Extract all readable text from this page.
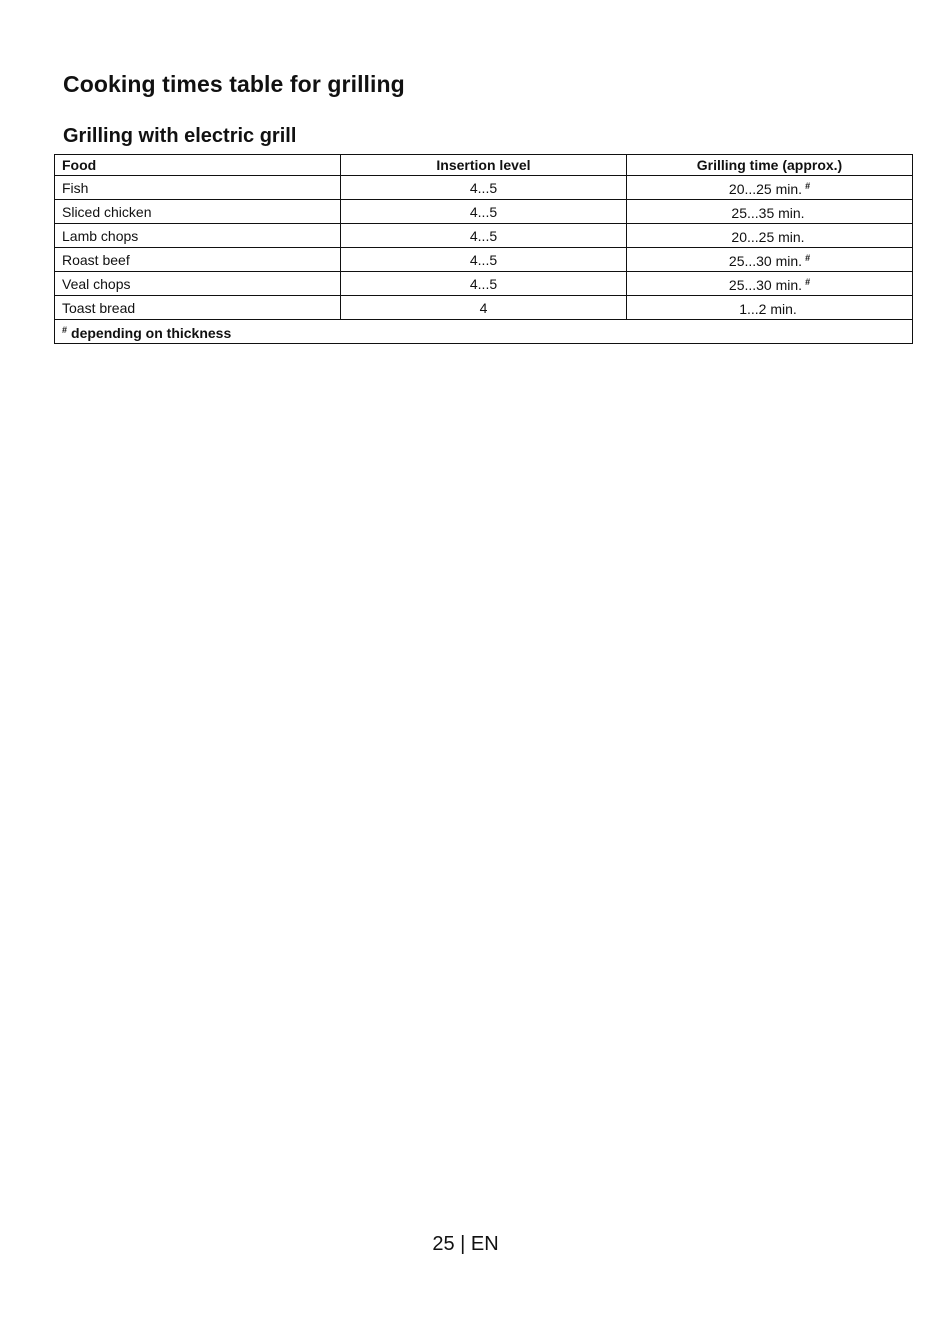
Cooking times table for grilling
Grilling with electric grill
Food	Insertion level	Grilling time (approx.)
Fish	4...5	20...25 min. #
Sliced chicken	4...5	25...35 min.
Lamb chops	4...5	20...25 min.
Roast beef	4...5	25...30 min. #
Veal chops	4...5	25...30 min. #
Toast bread	4	1...2 min.
# depending on thickness		
25 | EN
